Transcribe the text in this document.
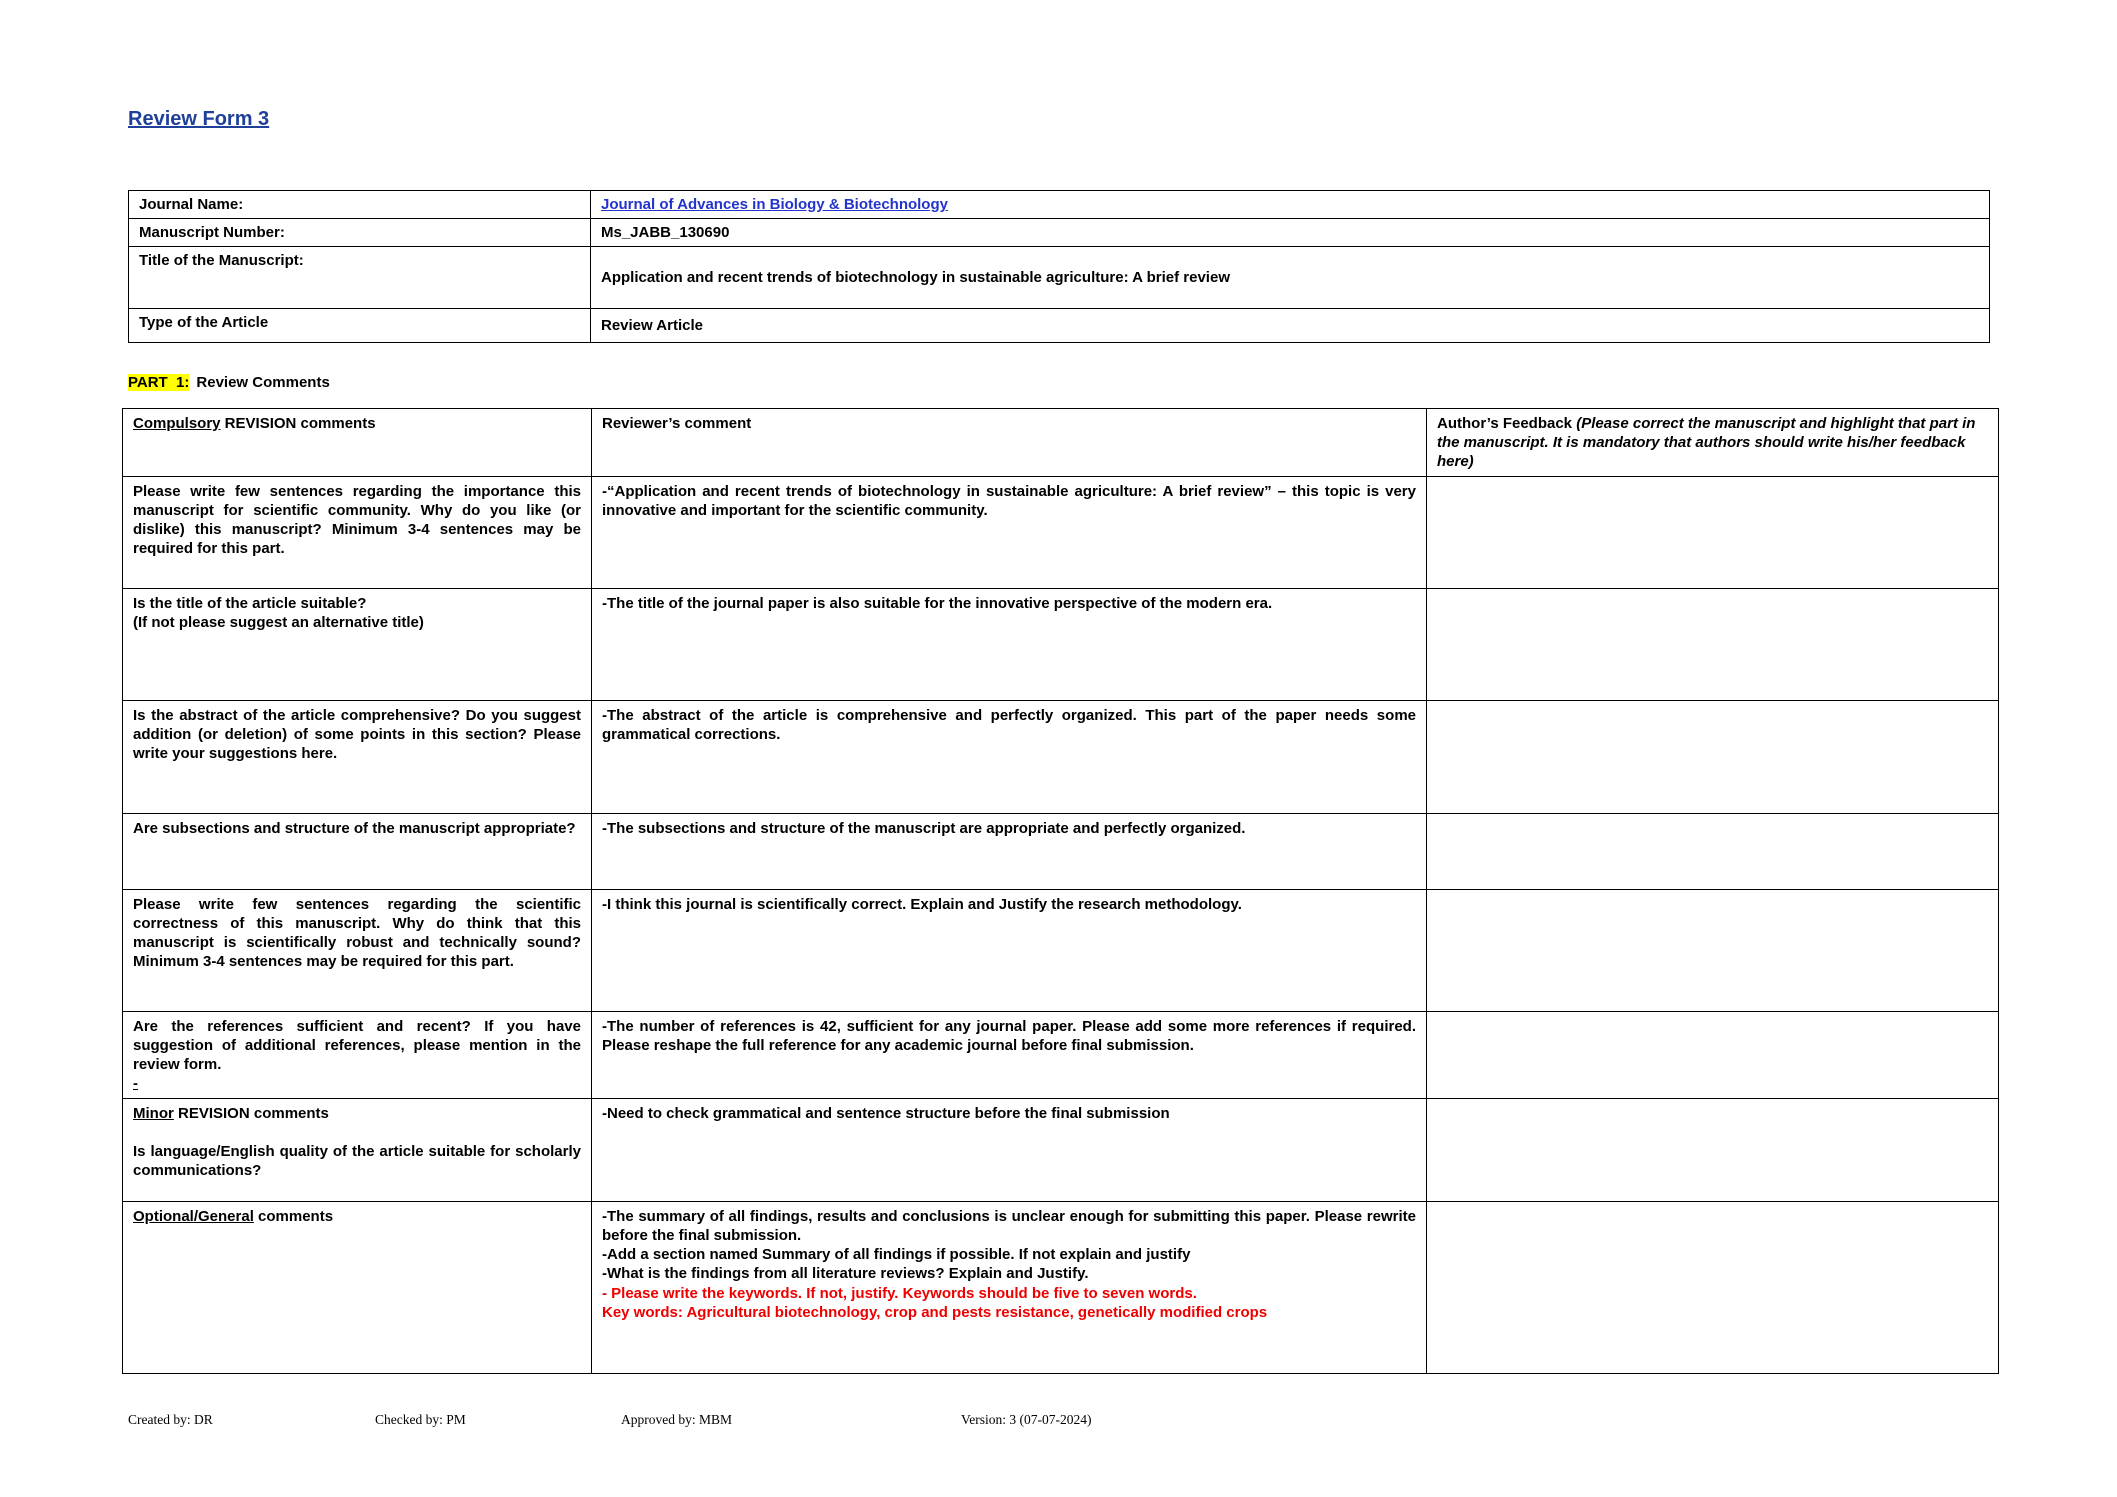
Review Form 3
Journal Name:	Journal of Advances in Biology & Biotechnology
Manuscript Number:	Ms_JABB_130690
Title of the Manuscript:	Application and recent trends of biotechnology in sustainable agriculture: A brief review
Type of the Article	Review Article
PART  1: Review Comments
Compulsory REVISION comments	Reviewer’s comment	Author’s Feedback (Please correct the manuscript and highlight that part in the manuscript. It is mandatory that authors should write his/her feedback here)
Please write few sentences regarding the importance this manuscript for scientific community. Why do you like (or dislike) this manuscript? Minimum 3-4 sentences may be required for this part.	-“Application and recent trends of biotechnology in sustainable agriculture: A brief review” – this topic is very innovative and important for the scientific community.	

Is the title of the article suitable?
(If not please suggest an alternative title)	-The title of the journal paper is also suitable for the innovative perspective of the modern era.	
Is the abstract of the article comprehensive? Do you suggest addition (or deletion) of some points in this section? Please write your suggestions here.	-The abstract of the article is comprehensive and perfectly organized. This part of the paper needs some grammatical corrections.	
Are subsections and structure of the manuscript appropriate?	-The subsections and structure of the manuscript are appropriate and perfectly organized.	
Please write few sentences regarding the scientific correctness of this manuscript. Why do think that this manuscript is scientifically robust and technically sound? Minimum 3-4 sentences may be required for this part.	-I think this journal is scientifically correct. Explain and Justify the research methodology.	

Are the references sufficient and recent? If you have suggestion of additional references, please mention in the review form.
-	-The number of references is 42, sufficient for any journal paper. Please add some more references if required. Please reshape the full reference for any academic journal before final submission.	

Minor REVISION comments
Is language/English quality of the article suitable for scholarly communications?	-Need to check grammatical and sentence structure before the final submission	

Optional/General comments	-The summary of all findings, results and conclusions is unclear enough for submitting this paper. Please rewrite before the final submission.
-Add a section named Summary of all findings if possible. If not explain and justify
-What is the findings from all literature reviews? Explain and Justify.
- Please write the keywords. If not, justify. Keywords should be five to seven words.
Key words: Agricultural biotechnology, crop and pests resistance, genetically modified crops	

Created by: DR	Checked by: PM	Approved by: MBM	Version: 3 (07-07-2024)
